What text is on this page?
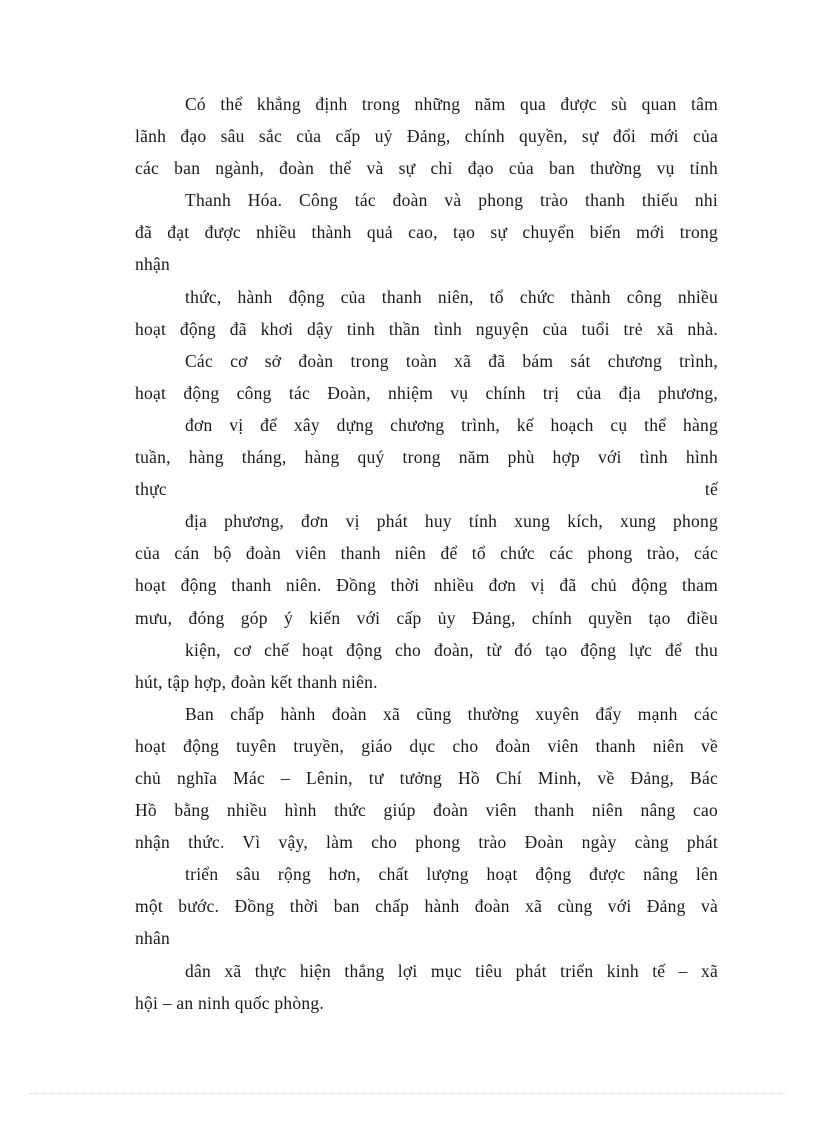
Có thể khẳng định trong những năm qua được sù quan tâm
lãnh đạo sâu sắc của cấp uỷ Đảng, chính quyền, sự đổi mới của
các ban ngành, đoàn thể và sự chỉ đạo của ban thường vụ tỉnh
Thanh Hóa. Công tác đoàn và phong trào thanh thiếu nhi
đã đạt được nhiều thành quả cao, tạo sự chuyển biến mới trong
nhận
thức, hành động của thanh niên, tổ chức thành công nhiều
hoạt động đã khơi dậy tinh thần tình nguyện của tuổi trẻ xã nhà.
Các cơ sở đoàn trong toàn xã đã bám sát chương trình,
hoạt động công tác Đoàn, nhiệm vụ chính trị của địa phương,
đơn vị để xây dựng chương trình, kế hoạch cụ thể hàng
tuần, hàng tháng, hàng quý trong năm phù hợp với tình hình
thực tế
địa phương, đơn vị phát huy tính xung kích, xung phong
của cán bộ đoàn viên thanh niên để tổ chức các phong trào, các
hoạt động thanh niên. Đồng thời nhiều đơn vị đã chủ động tham
mưu, đóng góp ý kiến với cấp ủy Đảng, chính quyền tạo điều
kiện, cơ chế hoạt động cho đoàn, từ đó tạo động lực để thu
hút, tập hợp, đoàn kết thanh niên.
Ban chấp hành đoàn xã cũng thường xuyên đẩy mạnh các
hoạt động tuyên truyền, giáo dục cho đoàn viên thanh niên về
chủ nghĩa Mác – Lênin, tư tưởng Hồ Chí Minh, về Đảng, Bác
Hồ bằng nhiều hình thức giúp đoàn viên thanh niên nâng cao
nhận thức. Vì vậy, làm cho phong trào Đoàn ngày càng phát
triển sâu rộng hơn, chất lượng hoạt động được nâng lên
một bước. Đồng thời ban chấp hành đoàn xã cùng với Đảng và
nhân
dân xã thực hiện thắng lợi mục tiêu phát triển kinh tế – xã
hội – an ninh quốc phòng.
